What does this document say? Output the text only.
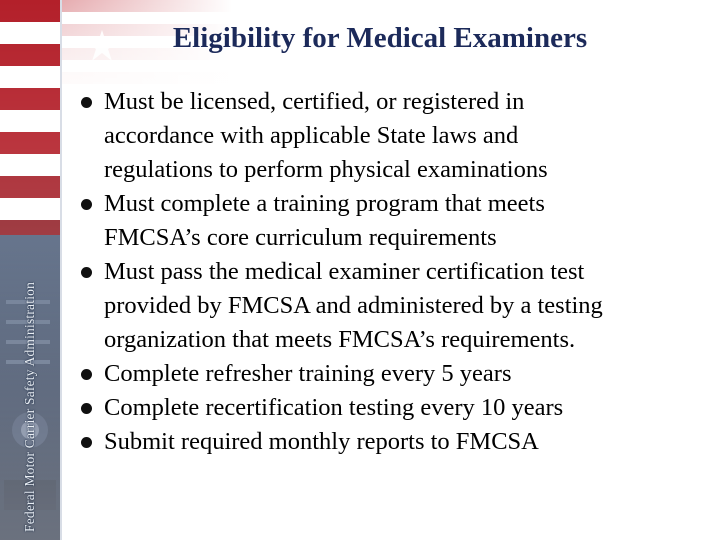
Federal Motor Carrier Safety Administration
Eligibility for Medical Examiners
Must be licensed, certified, or registered in
accordance with applicable State laws and
regulations to perform physical examinations
Must complete a training program that meets
FMCSA’s core curriculum requirements
Must pass the medical examiner certification test
provided by FMCSA and administered by a testing
organization that meets FMCSA’s requirements.
Complete refresher training every 5 years
Complete recertification testing every 10 years
Submit required monthly reports to FMCSA
